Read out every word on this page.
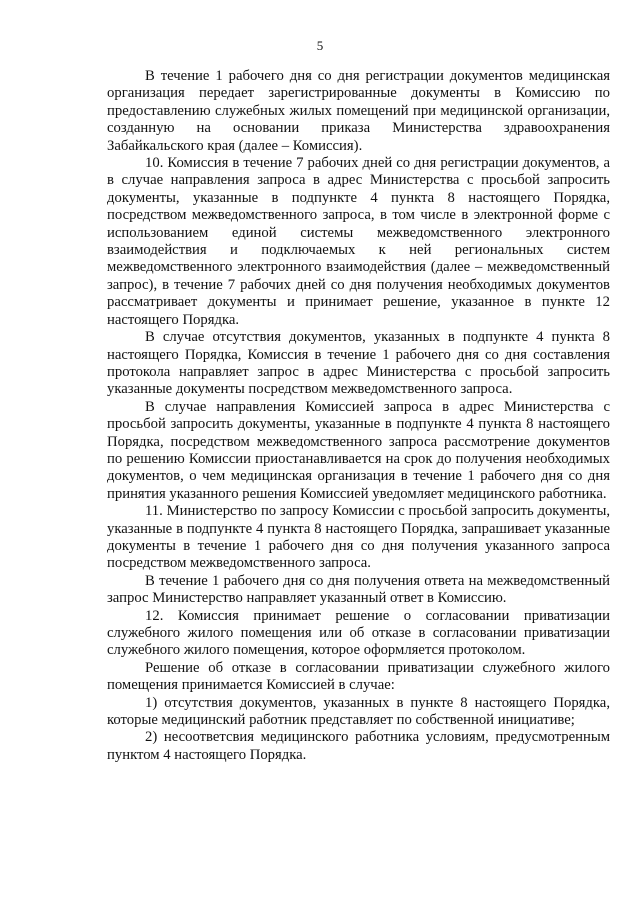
5

В течение 1 рабочего дня со дня регистрации документов медицинская организация передает зарегистрированные документы в Комиссию по предоставлению служебных жилых помещений при медицинской организации, созданную на основании приказа Министерства здравоохранения Забайкальского края (далее – Комиссия).

10. Комиссия в течение 7 рабочих дней со дня регистрации документов, а в случае направления запроса в адрес Министерства с просьбой запросить документы, указанные в подпункте 4 пункта 8 настоящего Порядка, посредством межведомственного запроса, в том числе в электронной форме с использованием единой системы межведомственного электронного взаимодействия и подключаемых к ней региональных систем межведомственного электронного взаимодействия (далее – межведомственный запрос), в течение 7 рабочих дней со дня получения необходимых документов рассматривает документы и принимает решение, указанное в пункте 12 настоящего Порядка.

В случае отсутствия документов, указанных в подпункте 4 пункта 8 настоящего Порядка, Комиссия в течение 1 рабочего дня со дня составления протокола направляет запрос в адрес Министерства с просьбой запросить указанные документы посредством межведомственного запроса.

В случае направления Комиссией запроса в адрес Министерства с просьбой запросить документы, указанные в подпункте 4 пункта 8 настоящего Порядка, посредством межведомственного запроса рассмотрение документов по решению Комиссии приостанавливается на срок до получения необходимых документов, о чем медицинская организация в течение 1 рабочего дня со дня принятия указанного решения Комиссией уведомляет медицинского работника.

11. Министерство по запросу Комиссии с просьбой запросить документы, указанные в подпункте 4 пункта 8 настоящего Порядка, запрашивает указанные документы в течение 1 рабочего дня со дня получения указанного запроса посредством межведомственного запроса.

В течение 1 рабочего дня со дня получения ответа на межведомственный запрос Министерство направляет указанный ответ в Комиссию.

12. Комиссия принимает решение о согласовании приватизации служебного жилого помещения или об отказе в согласовании приватизации служебного жилого помещения, которое оформляется протоколом.

Решение об отказе в согласовании приватизации служебного жилого помещения принимается Комиссией в случае:

1) отсутствия документов, указанных в пункте 8 настоящего Порядка, которые медицинский работник представляет по собственной инициативе;

2) несоответсвия медицинского работника условиям, предусмотренным пунктом 4 настоящего Порядка.
